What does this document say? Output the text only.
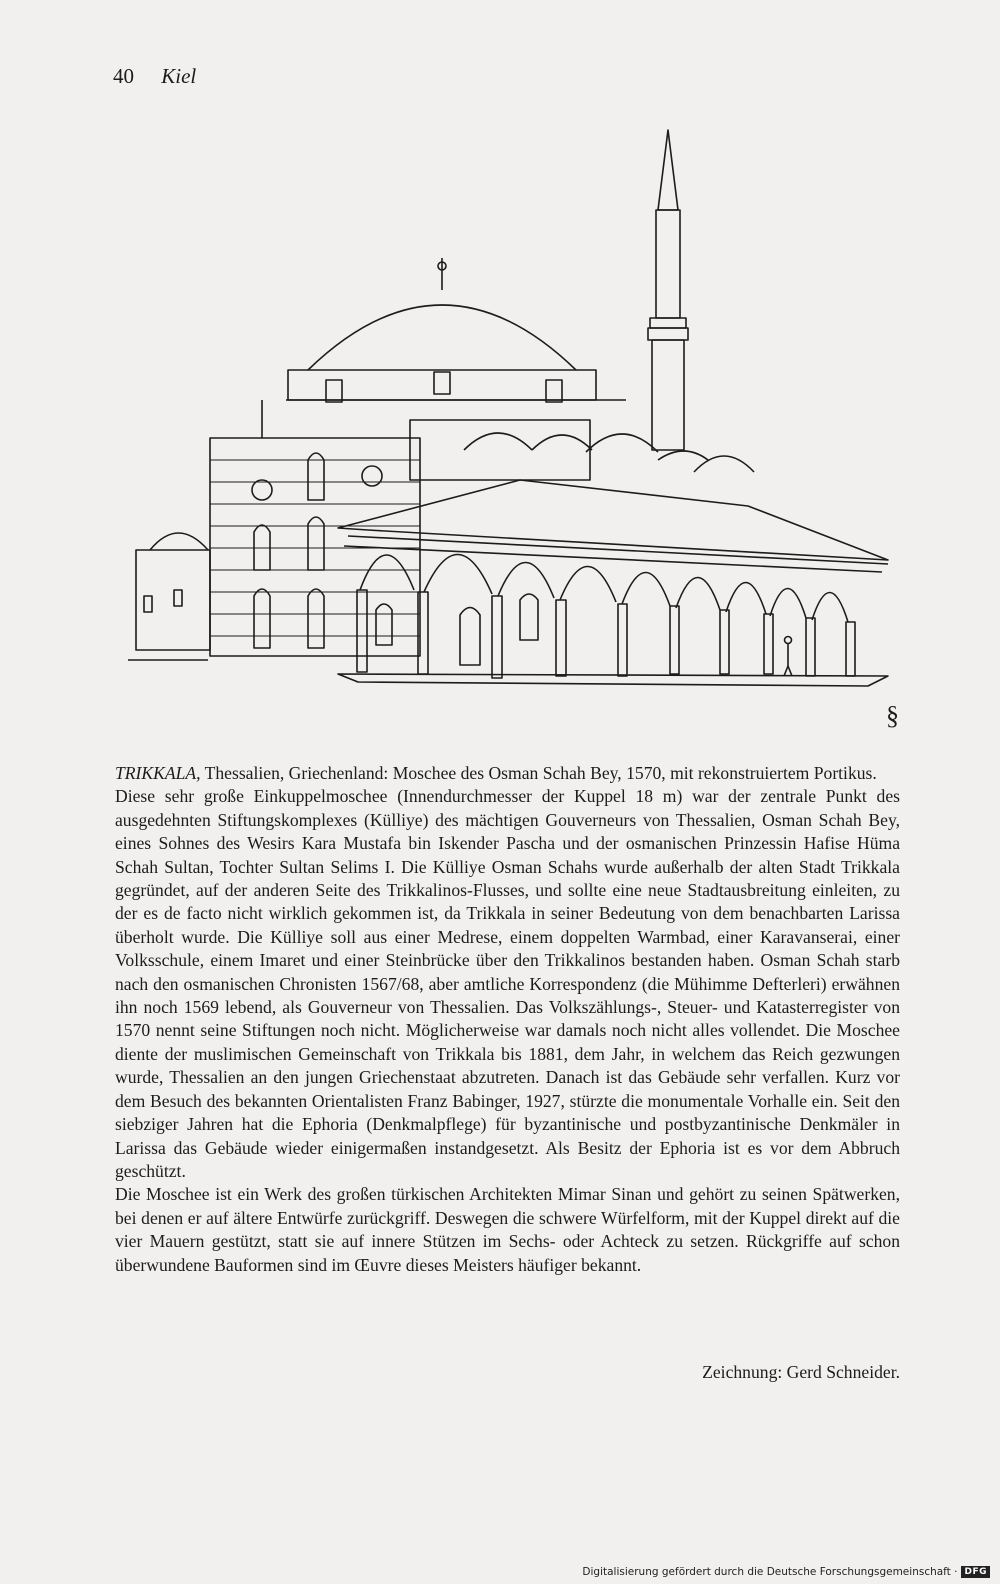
40 Kiel
§

TRIKKALA, Thessalien, Griechenland: Moschee des Osman Schah Bey, 1570, mit rekonstruiertem Portikus.

Diese sehr große Einkuppelmoschee (Innendurchmesser der Kuppel 18 m) war der zentrale Punkt des ausgedehnten Stiftungskomplexes (Külliye) des mächtigen Gouverneurs von Thessalien, Osman Schah Bey, eines Sohnes des Wesirs Kara Mustafa bin Iskender Pascha und der osmanischen Prinzessin Hafise Hüma Schah Sultan, Tochter Sultan Selims I. Die Külliye Osman Schahs wurde außerhalb der alten Stadt Trikkala gegründet, auf der anderen Seite des Trikkalinos-Flusses, und sollte eine neue Stadtausbreitung einleiten, zu der es de facto nicht wirklich gekommen ist, da Trikkala in seiner Bedeutung von dem benachbarten Larissa überholt wurde. Die Külliye soll aus einer Medrese, einem doppelten Warmbad, einer Karavanserai, einer Volksschule, einem Imaret und einer Steinbrücke über den Trikkalinos bestanden haben. Osman Schah starb nach den osmanischen Chronisten 1567/68, aber amtliche Korrespondenz (die Mühimme Defterleri) erwähnen ihn noch 1569 lebend, als Gouverneur von Thessalien. Das Volkszählungs-, Steuer- und Katasterregister von 1570 nennt seine Stiftungen noch nicht. Möglicherweise war damals noch nicht alles vollendet. Die Moschee diente der muslimischen Gemeinschaft von Trikkala bis 1881, dem Jahr, in welchem das Reich gezwungen wurde, Thessalien an den jungen Griechenstaat abzutreten. Danach ist das Gebäude sehr verfallen. Kurz vor dem Besuch des bekannten Orientalisten Franz Babinger, 1927, stürzte die monumentale Vorhalle ein. Seit den siebziger Jahren hat die Ephoria (Denkmalpflege) für byzantinische und postbyzantinische Denkmäler in Larissa das Gebäude wieder einigermaßen instandgesetzt. Als Besitz der Ephoria ist es vor dem Abbruch geschützt.

Die Moschee ist ein Werk des großen türkischen Architekten Mimar Sinan und gehört zu seinen Spätwerken, bei denen er auf ältere Entwürfe zurückgriff. Deswegen die schwere Würfelform, mit der Kuppel direkt auf die vier Mauern gestützt, statt sie auf innere Stützen im Sechs- oder Achteck zu setzen. Rückgriffe auf schon überwundene Bauformen sind im Œuvre dieses Meisters häufiger bekannt.

Zeichnung: Gerd Schneider.
Digitalisierung gefördert durch die Deutsche Forschungsgemeinschaft · DFG
